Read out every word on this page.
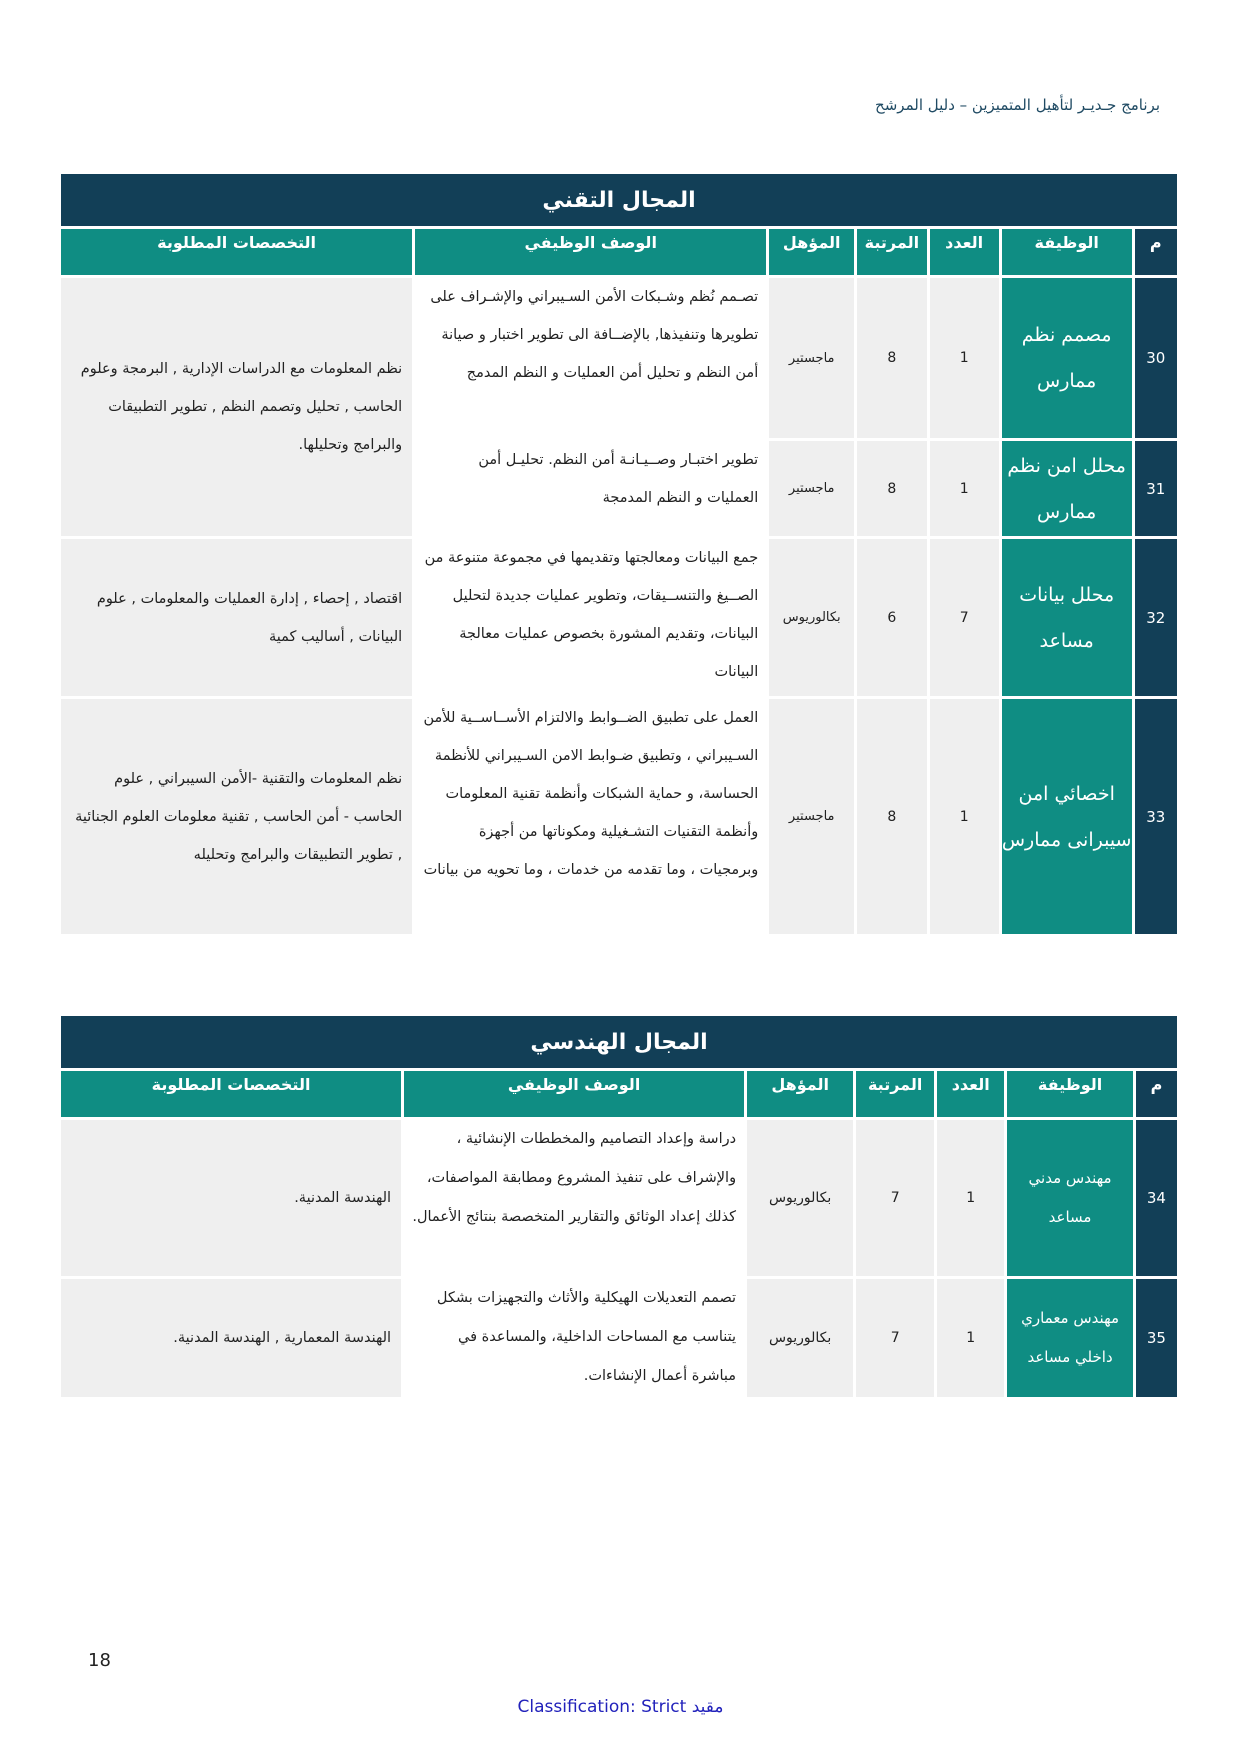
برنامج جـديـر لتأهيل المتميزين – دليل المرشح
المجال التقني						
م	الوظيفة	العدد	المرتبة	المؤهل	الوصف الوظيفي	التخصصات المطلوبة
30	مصمم نظم ممارس	1	8	ماجستير	تصـمم نُظم وشـبكات الأمن السـيبراني والإشـراف على تطويرها وتنفيذها, بالإضــافة الى تطوير اختبار و صيانة أمن النظم و تحليل أمن العمليات و النظم المدمج	نظم المعلومات مع الدراسات الإدارية , البرمجة وعلوم الحاسب , تحليل وتصمم النظم , تطوير التطبيقات والبرامج وتحليلها.
31	محلل امن نظم ممارس	1	8	ماجستير	تطوير اختبـار وصــيـانـة أمن النظم. تحليـل أمن العمليات و النظم المدمجة	
32	محلل بيانات مساعد	7	6	بكالوريوس	جمع البيانات ومعالجتها وتقديمها في مجموعة متنوعة من الصــيغ والتنســيقات، وتطوير عمليات جديدة لتحليل البيانات، وتقديم المشورة بخصوص عمليات معالجة البيانات	اقتصاد , إحصاء , إدارة العمليات والمعلومات , علوم البيانات , أساليب كمية
33	اخصائي امن سيبرانى ممارس	1	8	ماجستير	العمل على تطبيق الضــوابط والالتزام الأســاســية للأمن السـيبراني ، وتطبيق ضـوابط الامن السـيبراني للأنظمة الحساسة، و حماية الشبكات وأنظمة تقنية المعلومات وأنظمة التقنيات التشـغيلية ومكوناتها من أجهزة وبرمجيات ، وما تقدمه من خدمات ، وما تحويه من بيانات	نظم المعلومات والتقنية -الأمن السيبراني , علوم الحاسب - أمن الحاسب , تقنية معلومات العلوم الجنائية , تطوير التطبيقات والبرامج وتحليله
المجال الهندسي						
م	الوظيفة	العدد	المرتبة	المؤهل	الوصف الوظيفي	التخصصات المطلوبة
34	مهندس مدني مساعد	1	7	بكالوريوس	دراسة وإعداد التصاميم والمخططات الإنشائية ، والإشراف على تنفيذ المشروع ومطابقة المواصفات، كذلك إعداد الوثائق والتقارير المتخصصة بنتائج الأعمال.	الهندسة المدنية.
35	مهندس معماري داخلي مساعد	1	7	بكالوريوس	تصمم التعديلات الهيكلية والأثاث والتجهيزات بشكل يتناسب مع المساحات الداخلية، والمساعدة في مباشرة أعمال الإنشاءات.	الهندسة المعمارية , الهندسة المدنية.
18
Classification: Strict مقيد
